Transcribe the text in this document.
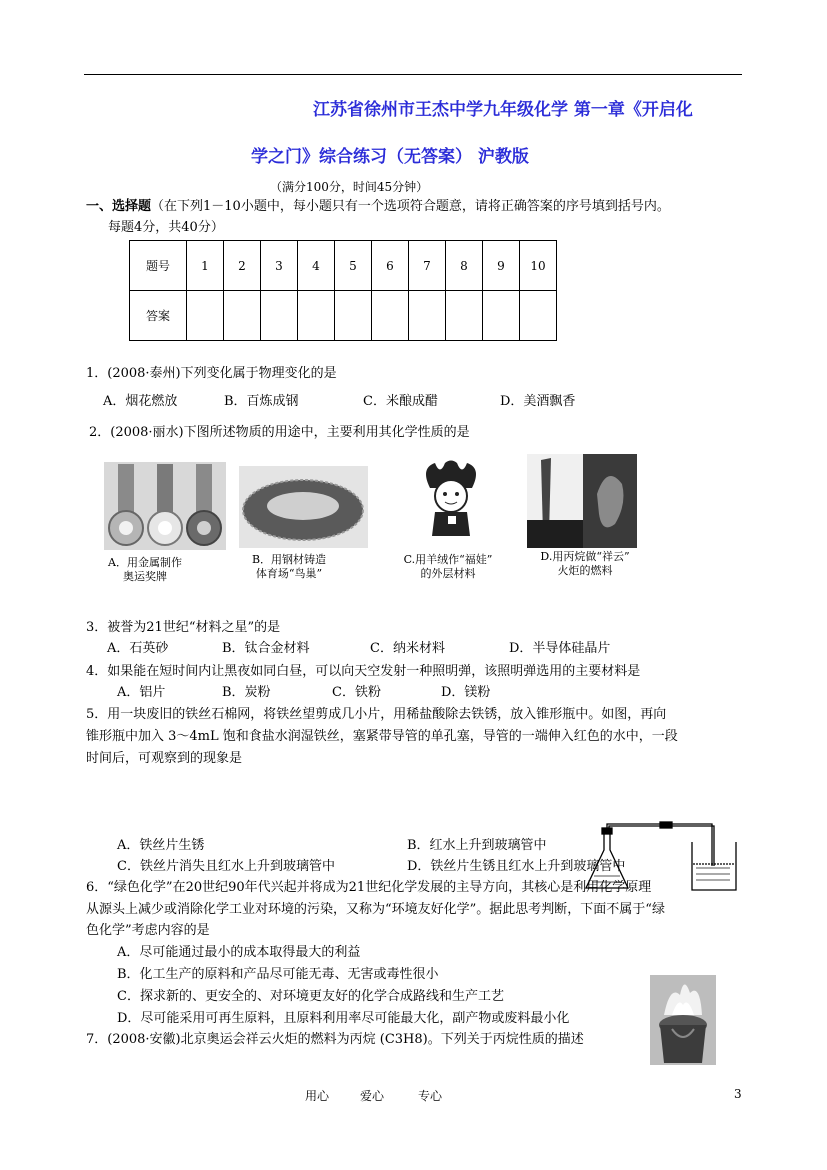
江苏省徐州市王杰中学九年级化学 第一章《开启化
学之门》综合练习（无答案） 沪教版
（满分100分，时间45分钟）
一、选择题（在下列1－10小题中，每小题只有一个选项符合题意，请将正确答案的序号填到括号内。
每题4分，共40分）
题号	1	2	3	4	5	6	7	8	9	10
答案										
1．(2008·泰州)下列变化属于物理变化的是
A．烟花燃放	B．百炼成钢	C．米酿成醋	D．美酒飘香
2．(2008·丽水)下图所述物质的用途中，主要利用其化学性质的是
A．用金属制作
奥运奖牌
B．用钢材铸造
体育场“鸟巢”
C.用羊绒作“福娃”
的外层材料
D.用丙烷做“祥云”
火炬的燃料
3．被誉为21世纪“材料之星”的是
A．石英砂	B．钛合金材料	C．纳米材料	D．半导体硅晶片
4．如果能在短时间内让黑夜如同白昼，可以向天空发射一种照明弹，该照明弹选用的主要材料是
A．铝片	B．炭粉	C．铁粉	D．镁粉
5．用一块废旧的铁丝石棉网，将铁丝望剪成几小片，用稀盐酸除去铁锈，放入锥形瓶中。如图，再向
锥形瓶中加入 3～4mL 饱和食盐水润湿铁丝，塞紧带导管的单孔塞，导管的一端伸入红色的水中，一段
时间后，可观察到的现象是
A．铁丝片生锈	B．红水上升到玻璃管中
C．铁丝片消失且红水上升到玻璃管中	D．铁丝片生锈且红水上升到玻璃管中
6．“绿色化学”在20世纪90年代兴起并将成为21世纪化学发展的主导方向，其核心是利用化学原理
从源头上减少或消除化学工业对环境的污染，又称为“环境友好化学”。据此思考判断，下面不属于“绿
色化学”考虑内容的是
A．尽可能通过最小的成本取得最大的利益
B．化工生产的原料和产品尽可能无毒、无害或毒性很小
C．探求新的、更安全的、对环境更友好的化学合成路线和生产工艺
D．尽可能采用可再生原料，且原料利用率尽可能最大化，副产物或废料最小化
7．(2008·安徽)北京奥运会祥云火炬的燃料为丙烷 (C3H8)。下列关于丙烷性质的描述
用心	爱心	专心	3
